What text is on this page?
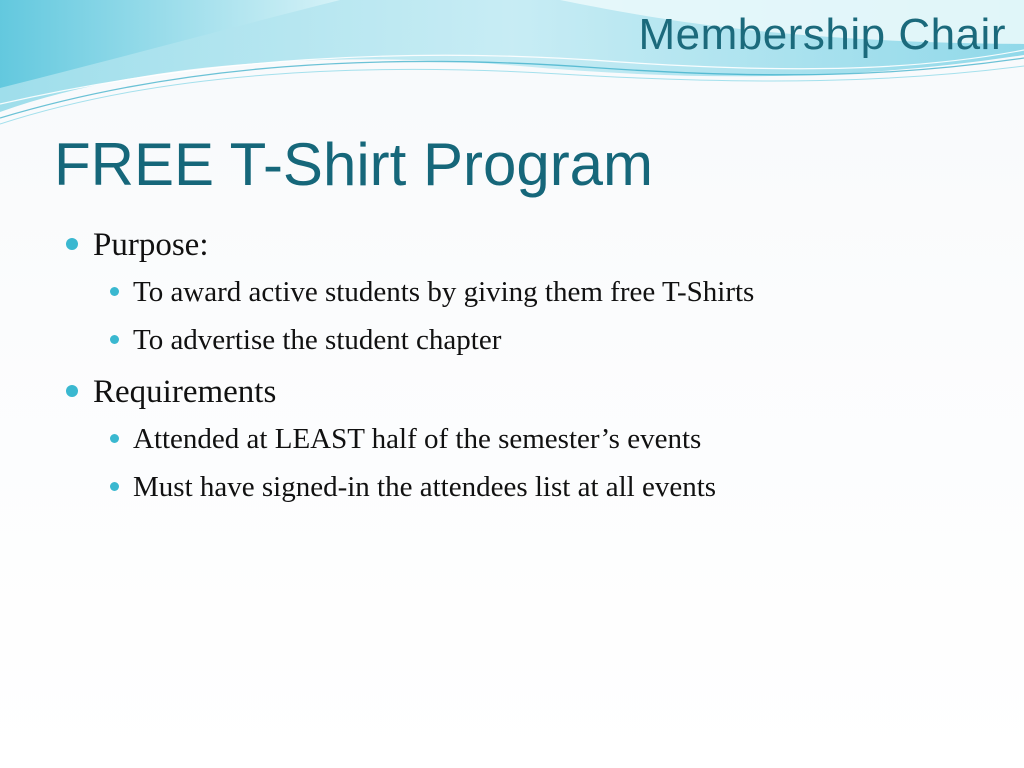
Membership Chair
FREE T-Shirt Program
Purpose:
To award active students by giving them free T-Shirts
To advertise the student chapter
Requirements
Attended at LEAST half of the semester’s events
Must have signed-in the attendees list at all events
